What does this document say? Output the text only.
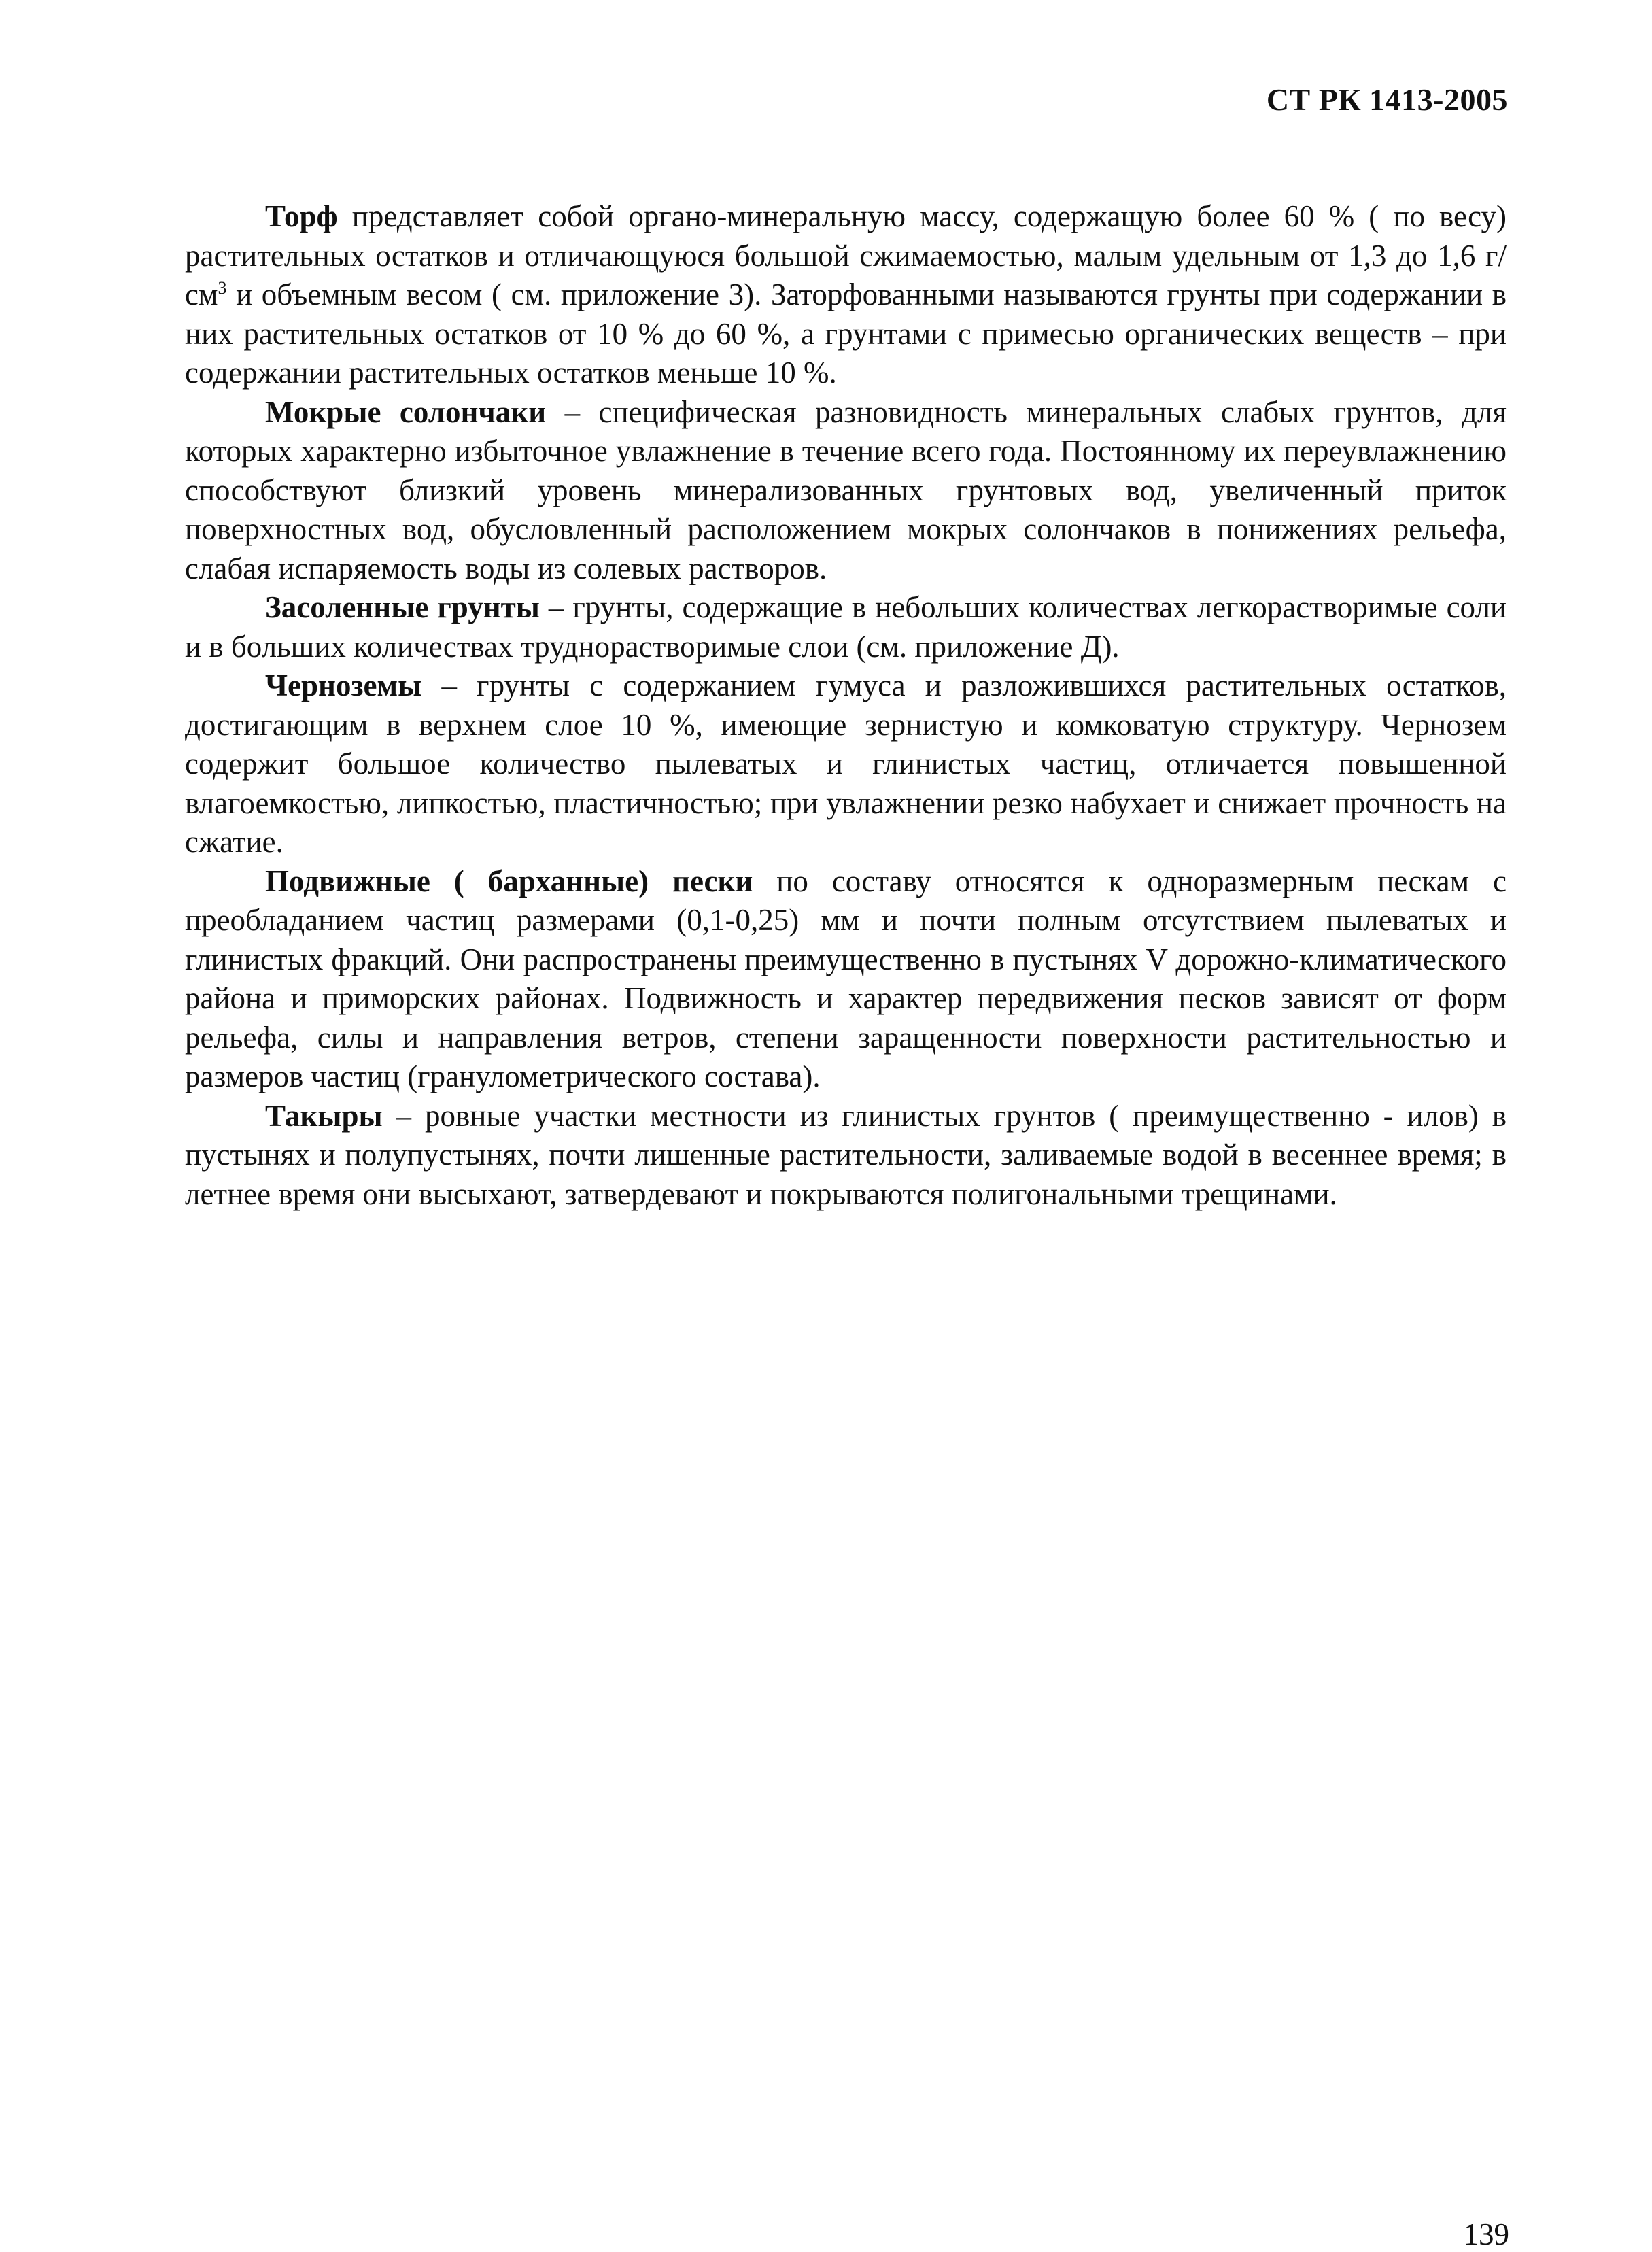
СТ РК 1413-2005

Торф представляет собой органо-минеральную массу, содержащую более 60 % ( по весу) растительных остатков и отличающуюся большой сжимаемостью, малым удельным от 1,3 до 1,6 $г/см^3$ и объемным весом ( см. приложение 3). Заторфованными называются грунты при содержании в них растительных остатков от 10 % до 60 %, а грунтами с примесью органических веществ – при содержании растительных остатков меньше 10 %.

Мокрые солончаки – специфическая разновидность минеральных слабых грунтов, для которых характерно избыточное увлажнение в течение всего года. Постоянному их переувлажнению способствуют близкий уровень минерализованных грунтовых вод, увеличенный приток поверхностных вод, обусловленный расположением мокрых солончаков в понижениях рельефа, слабая испаряемость воды из солевых растворов.

Засоленные грунты – грунты, содержащие в небольших количествах легкорастворимые соли и в больших количествах труднорастворимые слои (см. приложение Д).

Черноземы – грунты с содержанием гумуса и разложившихся растительных остатков, достигающим в верхнем слое 10 %, имеющие зернистую и комковатую структуру. Чернозем содержит большое количество пылеватых и глинистых частиц, отличается повышенной влагоемкостью, липкостью, пластичностью; при увлажнении резко набухает и снижает прочность на сжатие.

Подвижные ( барханные) пески по составу относятся к одноразмерным пескам с преобладанием частиц размерами (0,1-0,25) мм и почти полным отсутствием пылеватых и глинистых фракций. Они распространены преимущественно в пустынях V дорожно-климатического района и приморских районах. Подвижность и характер передвижения песков зависят от форм рельефа, силы и направления ветров, степени заращенности поверхности растительностью и размеров частиц (гранулометрического состава).

Такыры – ровные участки местности из глинистых грунтов ( преимущественно - илов) в пустынях и полупустынях, почти лишенные растительности, заливаемые водой в весеннее время; в летнее время они высыхают, затвердевают и покрываются полигональными трещинами.

139
